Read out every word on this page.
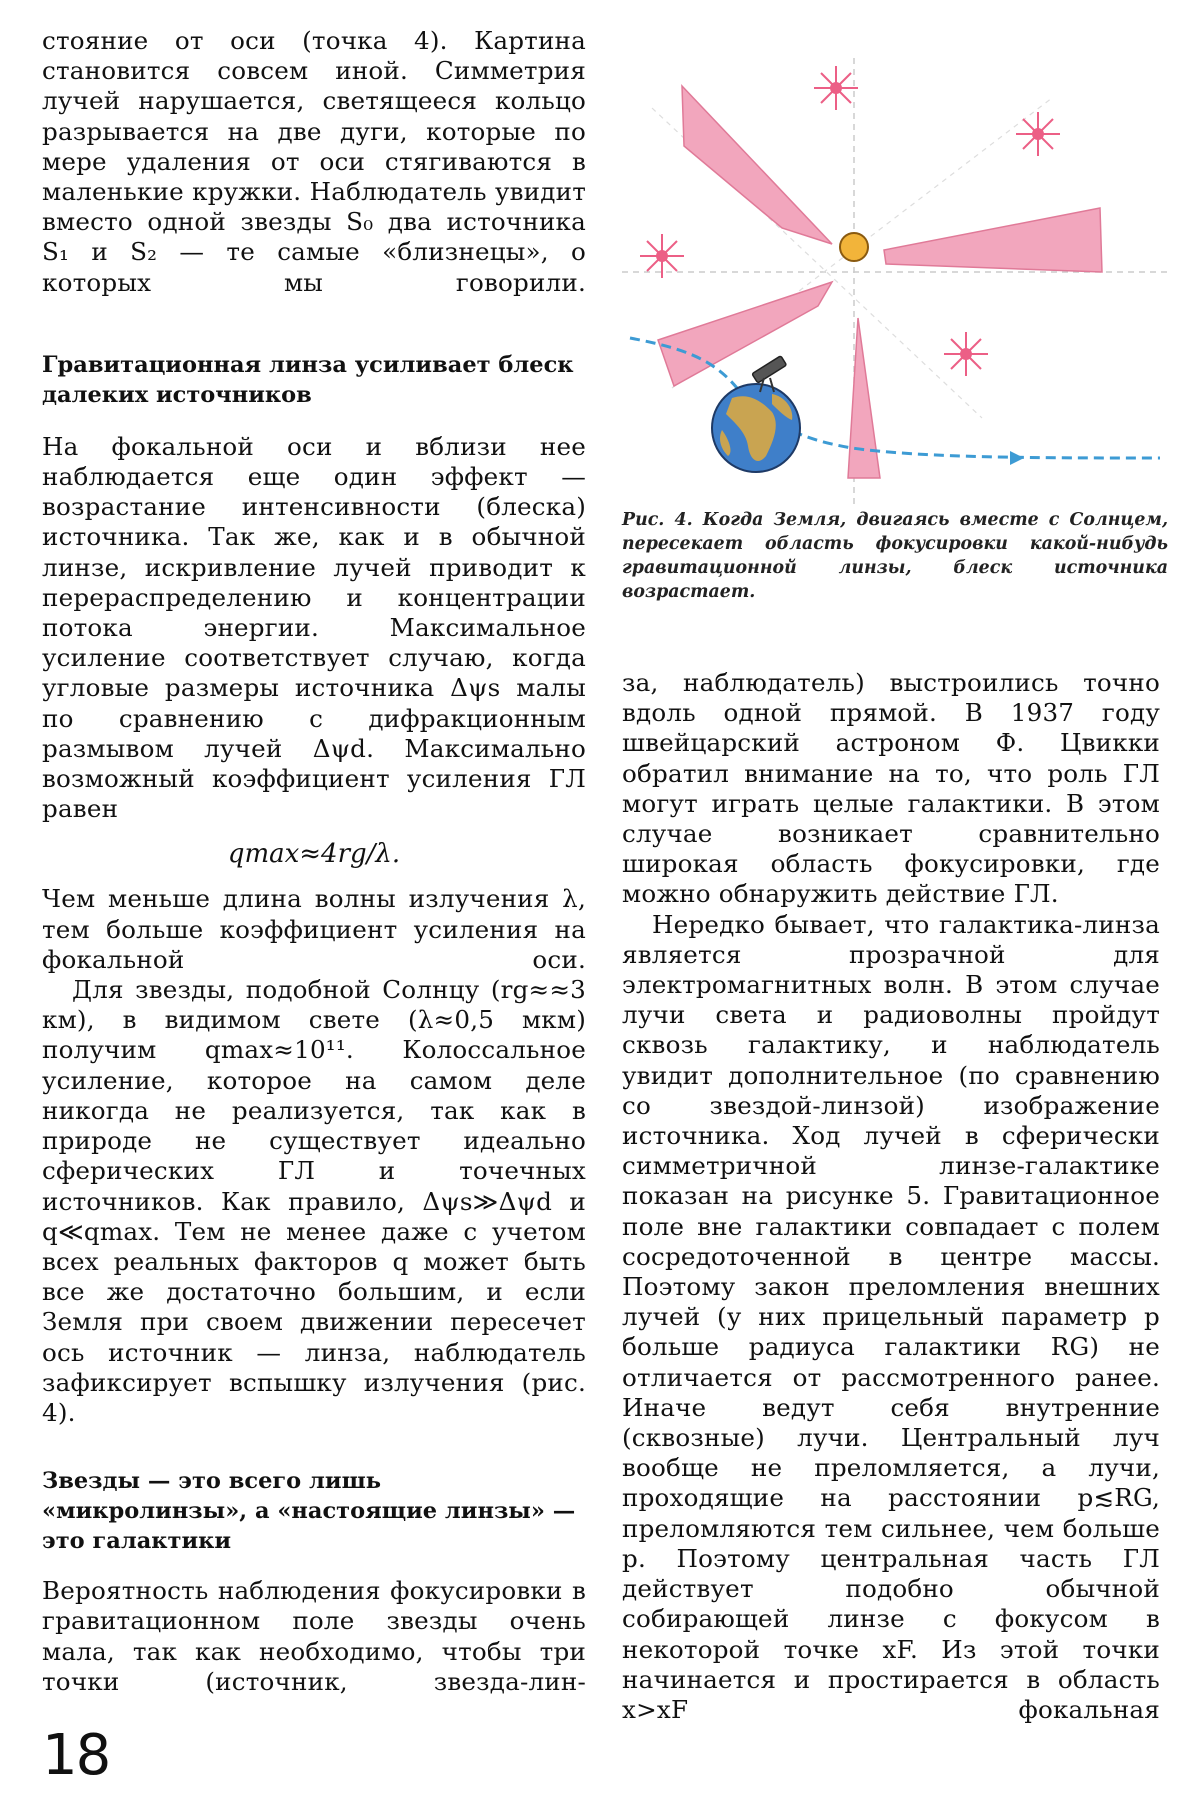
стояние от оси (точка 4). Картина становится совсем иной. Симметрия лучей нарушается, светящееся кольцо разрывается на две дуги, которые по мере удаления от оси стягиваются в маленькие кружки. Наблюдатель увидит вместо одной звезды S₀ два источника S₁ и S₂ — те самые «близнецы», о которых мы говорили.

Гравитационная линза усиливает блеск далеких источников

На фокальной оси и вблизи нее наблюдается еще один эффект — возрастание интенсивности (блеска) источника. Так же, как и в обычной линзе, искривление лучей приводит к перераспределению и концентрации потока энергии. Максимальное усиление соответствует случаю, когда угловые размеры источника Δψs малы по сравнению с дифракционным размывом лучей Δψd. Максимально возможный коэффициент усиления ГЛ равен

qmax≈4rg/λ.

Чем меньше длина волны излучения λ, тем больше коэффициент усиления на фокальной оси.

Для звезды, подобной Солнцу (rg≈≈3 км), в видимом свете (λ≈0,5 мкм) получим qmax≈10¹¹. Колоссальное усиление, которое на самом деле никогда не реализуется, так как в природе не существует идеально сферических ГЛ и точечных источников. Как правило, Δψs≫Δψd и q≪qmax. Тем не менее даже с учетом всех реальных факторов q может быть все же достаточно большим, и если Земля при своем движении пересечет ось источник — линза, наблюдатель зафиксирует вспышку излучения (рис. 4).

Звезды — это всего лишь «микролинзы», а «настоящие линзы» — это галактики

Вероятность наблюдения фокусировки в гравитационном поле звезды очень мала, так как необходимо, чтобы три точки (источник, звезда-лин-

Рис. 4. Когда Земля, двигаясь вместе с Солнцем, пересекает область фокусировки какой-нибудь гравитационной линзы, блеск источника возрастает.

за, наблюдатель) выстроились точно вдоль одной прямой. В 1937 году швейцарский астроном Ф. Цвикки обратил внимание на то, что роль ГЛ могут играть целые галактики. В этом случае возникает сравнительно широкая область фокусировки, где можно обнаружить действие ГЛ.

Нередко бывает, что галактика-линза является прозрачной для электромагнитных волн. В этом случае лучи света и радиоволны пройдут сквозь галактику, и наблюдатель увидит дополнительное (по сравнению со звездой-линзой) изображение источника. Ход лучей в сферически симметричной линзе-галактике показан на рисунке 5. Гравитационное поле вне галактики совпадает с полем сосредоточенной в центре массы. Поэтому закон преломления внешних лучей (у них прицельный параметр p больше радиуса галактики RG) не отличается от рассмотренного ранее. Иначе ведут себя внутренние (сквозные) лучи. Центральный луч вообще не преломляется, а лучи, проходящие на расстоянии p≲RG, преломляются тем сильнее, чем больше p. Поэтому центральная часть ГЛ действует подобно обычной собирающей линзе с фокусом в некоторой точке xF. Из этой точки начинается и простирается в область x>xF фокальная

18
